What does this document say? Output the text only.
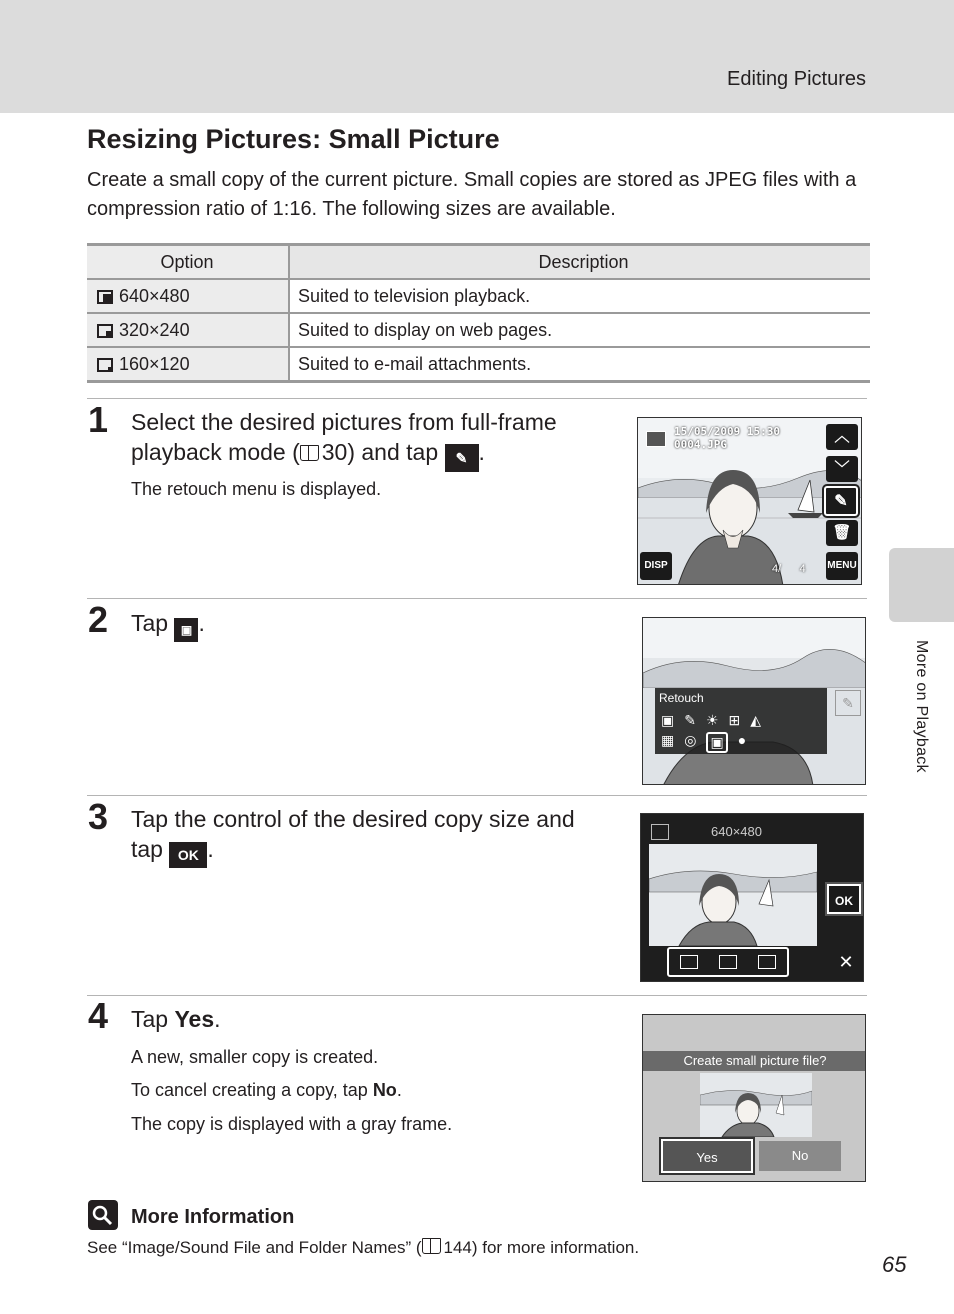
Editing Pictures
More on Playback
Resizing Pictures: Small Picture
Create a small copy of the current picture. Small copies are stored as JPEG files with a compression ratio of 1:16. The following sizes are available.
Option	Description

640×480	Suited to television playback.

320×240	Suited to display on web pages.

160×120	Suited to e-mail attachments.
1 Select the desired pictures from full-frame playback mode ( 30) and tap ✎ .
The retouch menu is displayed.
15/05/2009 15:30
0004.JPG	︿
﹀
✎
🗑
DISP	MENU
4/      4
2 Tap ▣ .
Retouch
▣ ✎ ☀ ⊞ ◭
▦ ◎ ▣ ●
✎
3 Tap the control of the desired copy size and tap OK .
640×480
OK
✕
4 Tap Yes.
A new, smaller copy is created.
To cancel creating a copy, tap No.
The copy is displayed with a gray frame.
Create small picture file?
Yes	No
More Information
See “Image/Sound File and Folder Names” ( 144) for more information.
65
